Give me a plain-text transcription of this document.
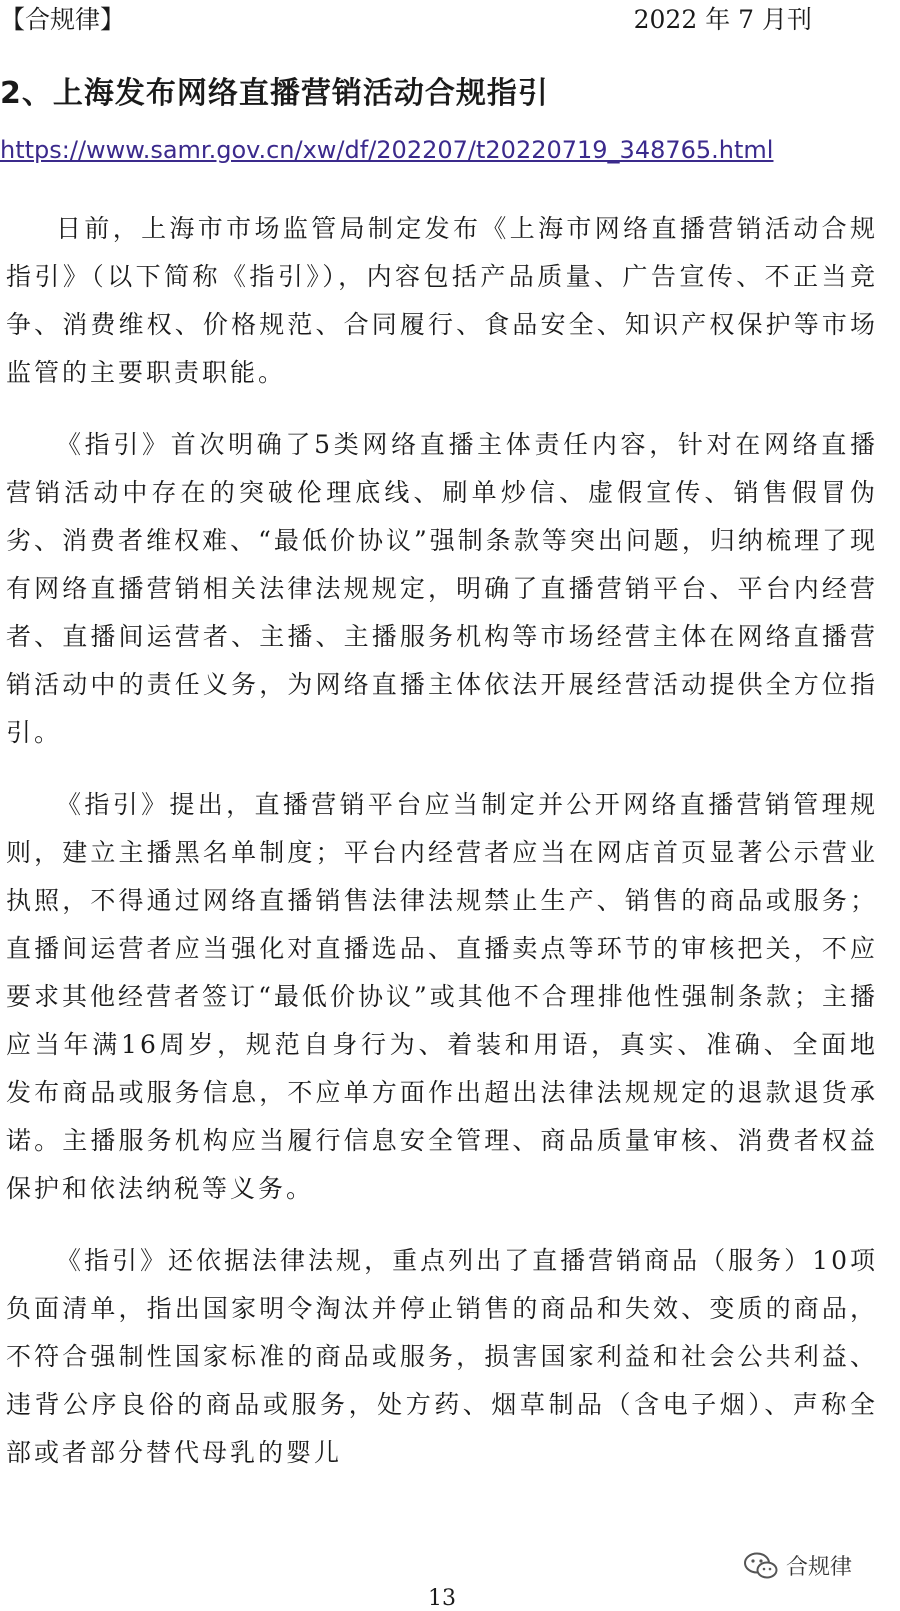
【合规律】	2022 年 7 月刊
2、上海发布网络直播营销活动合规指引
https://www.samr.gov.cn/xw/df/202207/t20220719_348765.html

日前，上海市市场监管局制定发布《上海市网络直播营销活动合规指引》（以下简称《指引》），内容包括产品质量、广告宣传、不正当竞争、消费维权、价格规范、合同履行、食品安全、知识产权保护等市场监管的主要职责职能。

《指引》首次明确了5类网络直播主体责任内容，针对在网络直播营销活动中存在的突破伦理底线、刷单炒信、虚假宣传、销售假冒伪劣、消费者维权难、“最低价协议”强制条款等突出问题，归纳梳理了现有网络直播营销相关法律法规规定，明确了直播营销平台、平台内经营者、直播间运营者、主播、主播服务机构等市场经营主体在网络直播营销活动中的责任义务，为网络直播主体依法开展经营活动提供全方位指引。

《指引》提出，直播营销平台应当制定并公开网络直播营销管理规则，建立主播黑名单制度；平台内经营者应当在网店首页显著公示营业执照，不得通过网络直播销售法律法规禁止生产、销售的商品或服务；直播间运营者应当强化对直播选品、直播卖点等环节的审核把关，不应要求其他经营者签订“最低价协议”或其他不合理排他性强制条款；主播应当年满16周岁，规范自身行为、着装和用语，真实、准确、全面地发布商品或服务信息，不应单方面作出超出法律法规规定的退款退货承诺。主播服务机构应当履行信息安全管理、商品质量审核、消费者权益保护和依法纳税等义务。

《指引》还依据法律法规，重点列出了直播营销商品（服务）10项负面清单，指出国家明令淘汰并停止销售的商品和失效、变质的商品，不符合强制性国家标准的商品或服务，损害国家利益和社会公共利益、违背公序良俗的商品或服务，处方药、烟草制品（含电子烟）、声称全部或者部分替代母乳的婴儿

合规律
13
